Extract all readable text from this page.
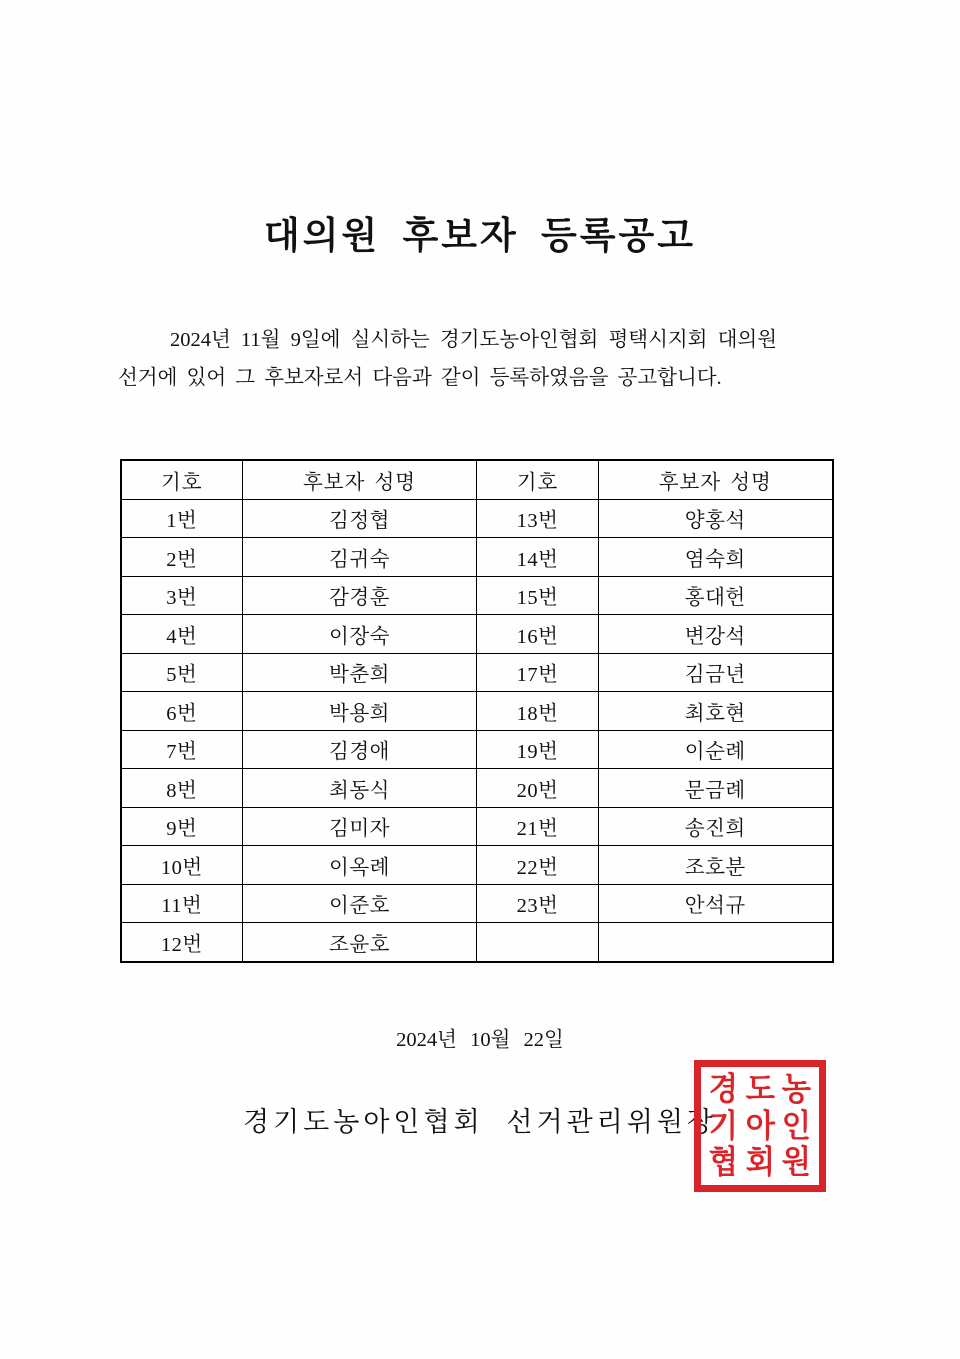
대의원 후보자 등록공고
2024년 11월 9일에 실시하는 경기도농아인협회 평택시지회 대의원
선거에 있어 그 후보자로서 다음과 같이 등록하였음을 공고합니다.
기호	후보자 성명	기호	후보자 성명
1번	김정협	13번	양홍석
2번	김귀숙	14번	염숙희
3번	감경훈	15번	홍대헌
4번	이장숙	16번	변강석
5번	박춘희	17번	김금년
6번	박용희	18번	최호현
7번	김경애	19번	이순례
8번	최동식	20번	문금례
9번	김미자	21번	송진희
10번	이옥례	22번	조호분
11번	이준호	23번	안석규
12번	조윤호		
2024년 10월 22일
경기도농아인협회 선거관리위원장
경 도 농
기 아 인
협 회 원
